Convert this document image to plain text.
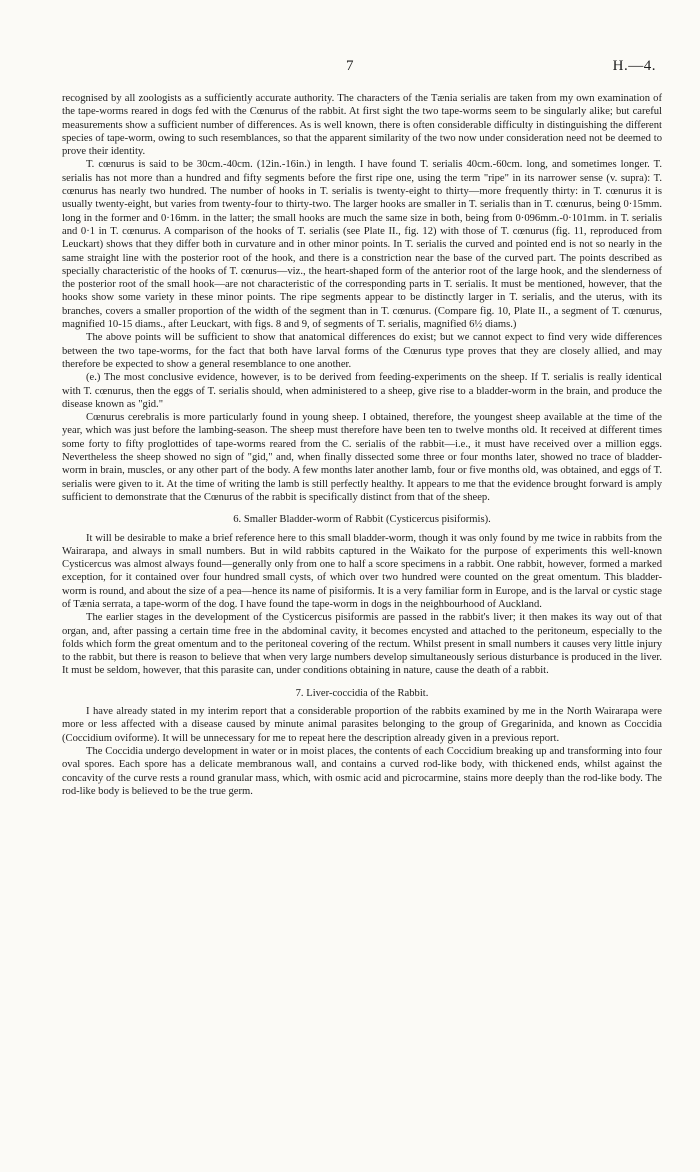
7	H.—4.

recognised by all zoologists as a sufficiently accurate authority. The characters of the Tænia serialis are taken from my own examination of the tape-worms reared in dogs fed with the Cœnurus of the rabbit. At first sight the two tape-worms seem to be singularly alike; but careful measurements show a sufficient number of differences. As is well known, there is often considerable difficulty in distinguishing the different species of tape-worm, owing to such resemblances, so that the apparent similarity of the two now under consideration need not be deemed to prove their identity.

T. cœnurus is said to be 30cm.-40cm. (12in.-16in.) in length. I have found T. serialis 40cm.-60cm. long, and sometimes longer. T. serialis has not more than a hundred and fifty segments before the first ripe one, using the term "ripe" in its narrower sense (v. supra): T. cœnurus has nearly two hundred. The number of hooks in T. serialis is twenty-eight to thirty—more frequently thirty: in T. cœnurus it is usually twenty-eight, but varies from twenty-four to thirty-two. The larger hooks are smaller in T. serialis than in T. cœnurus, being 0·15mm. long in the former and 0·16mm. in the latter; the small hooks are much the same size in both, being from 0·096mm.-0·101mm. in T. serialis and 0·1 in T. cœnurus. A comparison of the hooks of T. serialis (see Plate II., fig. 12) with those of T. cœnurus (fig. 11, reproduced from Leuckart) shows that they differ both in curvature and in other minor points. In T. serialis the curved and pointed end is not so nearly in the same straight line with the posterior root of the hook, and there is a constriction near the base of the curved part. The points described as specially characteristic of the hooks of T. cœnurus—viz., the heart-shaped form of the anterior root of the large hook, and the slenderness of the posterior root of the small hook—are not characteristic of the corresponding parts in T. serialis. It must be mentioned, however, that the hooks show some variety in these minor points. The ripe segments appear to be distinctly larger in T. serialis, and the uterus, with its branches, covers a smaller proportion of the width of the segment than in T. cœnurus. (Compare fig. 10, Plate II., a segment of T. cœnurus, magnified 10-15 diams., after Leuckart, with figs. 8 and 9, of segments of T. serialis, magnified 6½ diams.)

The above points will be sufficient to show that anatomical differences do exist; but we cannot expect to find very wide differences between the two tape-worms, for the fact that both have larval forms of the Cœnurus type proves that they are closely allied, and may therefore be expected to show a general resemblance to one another.

(e.) The most conclusive evidence, however, is to be derived from feeding-experiments on the sheep. If T. serialis is really identical with T. cœnurus, then the eggs of T. serialis should, when administered to a sheep, give rise to a bladder-worm in the brain, and produce the disease known as "gid."

Cœnurus cerebralis is more particularly found in young sheep. I obtained, therefore, the youngest sheep available at the time of the year, which was just before the lambing-season. The sheep must therefore have been ten to twelve months old. It received at different times some forty to fifty proglottides of tape-worms reared from the C. serialis of the rabbit—i.e., it must have received over a million eggs. Nevertheless the sheep showed no sign of "gid," and, when finally dissected some three or four months later, showed no trace of bladder-worm in brain, muscles, or any other part of the body. A few months later another lamb, four or five months old, was obtained, and eggs of T. serialis were given to it. At the time of writing the lamb is still perfectly healthy. It appears to me that the evidence brought forward is amply sufficient to demonstrate that the Cœnurus of the rabbit is specifically distinct from that of the sheep.

6. Smaller Bladder-worm of Rabbit (Cysticercus pisiformis).

It will be desirable to make a brief reference here to this small bladder-worm, though it was only found by me twice in rabbits from the Wairarapa, and always in small numbers. But in wild rabbits captured in the Waikato for the purpose of experiments this well-known Cysticercus was almost always found—generally only from one to half a score specimens in a rabbit. One rabbit, however, formed a marked exception, for it contained over four hundred small cysts, of which over two hundred were counted on the great omentum. This bladder-worm is round, and about the size of a pea—hence its name of pisiformis. It is a very familiar form in Europe, and is the larval or cystic stage of Tænia serrata, a tape-worm of the dog. I have found the tape-worm in dogs in the neighbourhood of Auckland.

The earlier stages in the development of the Cysticercus pisiformis are passed in the rabbit's liver; it then makes its way out of that organ, and, after passing a certain time free in the abdominal cavity, it becomes encysted and attached to the peritoneum, especially to the folds which form the great omentum and to the peritoneal covering of the rectum. Whilst present in small numbers it causes very little injury to the rabbit, but there is reason to believe that when very large numbers develop simultaneously serious disturbance is produced in the liver. It must be seldom, however, that this parasite can, under conditions obtaining in nature, cause the death of a rabbit.

7. Liver-coccidia of the Rabbit.

I have already stated in my interim report that a considerable proportion of the rabbits examined by me in the North Wairarapa were more or less affected with a disease caused by minute animal parasites belonging to the group of Gregarinida, and known as Coccidia (Coccidium oviforme). It will be unnecessary for me to repeat here the description already given in a previous report.

The Coccidia undergo development in water or in moist places, the contents of each Coccidium breaking up and transforming into four oval spores. Each spore has a delicate membranous wall, and contains a curved rod-like body, with thickened ends, whilst against the concavity of the curve rests a round granular mass, which, with osmic acid and picrocarmine, stains more deeply than the rod-like body. The rod-like body is believed to be the true germ.
